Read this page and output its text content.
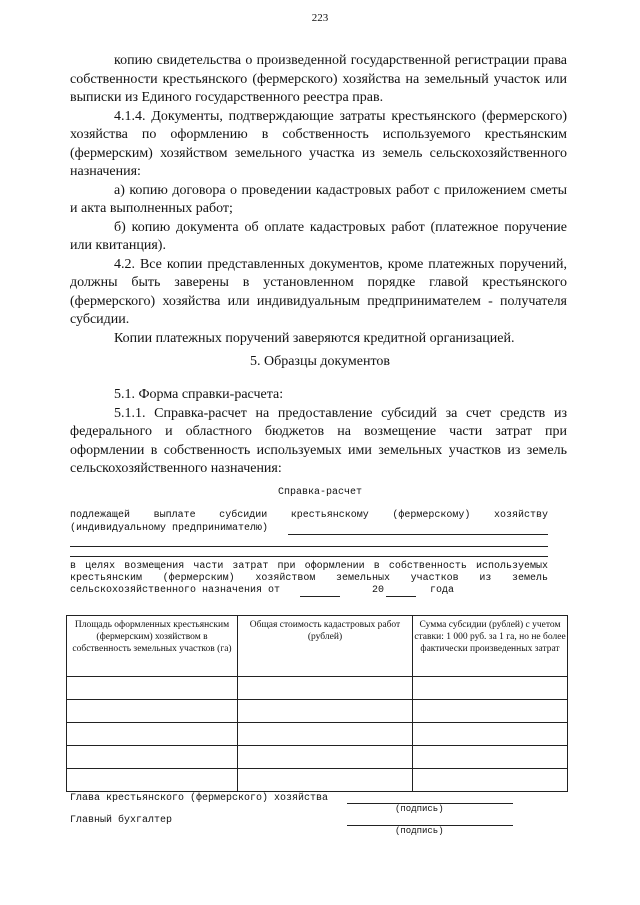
223

копию свидетельства о произведенной государственной регистрации права собственности крестьянского (фермерского) хозяйства на земельный участок или выписки из Единого государственного реестра прав.

4.1.4. Документы, подтверждающие затраты крестьянского (фермерского) хозяйства по оформлению в собственность используемого крестьянским (фермерским) хозяйством земельного участка из земель сельскохозяйственного назначения:

а) копию договора о проведении кадастровых работ с приложением сметы и акта выполненных работ;

б) копию документа об оплате кадастровых работ (платежное поручение или квитанция).

4.2. Все копии представленных документов, кроме платежных поручений, должны быть заверены в установленном порядке главой крестьянского (фермерского) хозяйства или индивидуальным предпринимателем - получателя субсидии.

Копии платежных поручений заверяются кредитной организацией.

5. Образцы документов

5.1. Форма справки-расчета:

5.1.1. Справка-расчет на предоставление субсидий за счет средств из федерального и областного бюджетов на возмещение части затрат при оформлении в собственность используемых ими земельных участков из земель сельскохозяйственного назначения:

Справка-расчет
подлежащей выплате субсидии крестьянскому (фермерскому) хозяйству
(индивидуальному предпринимателю)
в целях возмещения части затрат при оформлении в собственность используемых
крестьянским (фермерским) хозяйством земельных участков из земель
сельскохозяйственного назначения от	20	года
Площадь оформленных крестьянским (фермерским) хозяйством в собственность земельных участков (га)	Общая стоимость кадастровых работ (рублей)	Сумма субсидии (рублей) с учетом ставки: 1 000 руб. за 1 га, но не более фактически произведенных затрат

Глава крестьянского (фермерского) хозяйства
(подпись)
Главный бухгалтер
(подпись)
